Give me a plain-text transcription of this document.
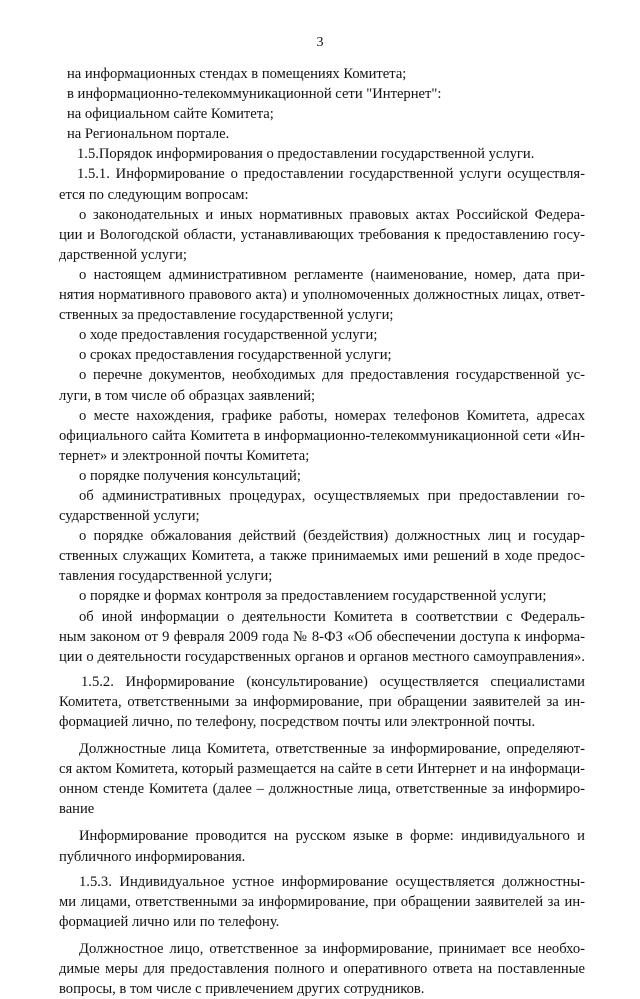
3
на информационных стендах в помещениях Комитета;
в информационно-телекоммуникационной сети "Интернет":
на официальном сайте Комитета;
на Региональном портале.
1.5.Порядок информирования о предоставлении государственной услуги.
1.5.1. Информирование о предоставлении государственной услуги осуществля-
ется по следующим вопросам:
о законодательных и иных нормативных правовых актах Российской Федера-
ции и Вологодской области, устанавливающих требования к предоставлению госу-
дарственной услуги;
о настоящем административном регламенте (наименование, номер, дата при-
нятия нормативного правового акта) и уполномоченных должностных лицах, ответ-
ственных за предоставление государственной услуги;
о ходе предоставления государственной услуги;
о сроках предоставления государственной услуги;
о перечне документов, необходимых для предоставления государственной ус-
луги, в том числе об образцах заявлений;
о месте нахождения, графике работы, номерах телефонов Комитета, адресах
официального сайта Комитета в информационно-телекоммуникационной сети «Ин-
тернет» и электронной почты Комитета;
о порядке получения консультаций;
об административных процедурах, осуществляемых при предоставлении го-
сударственной услуги;
о порядке обжалования действий (бездействия) должностных лиц и государ-
ственных служащих Комитета, а также принимаемых ими решений в ходе предос-
тавления государственной услуги;
о порядке и формах контроля за предоставлением государственной услуги;
об иной информации о деятельности Комитета в соответствии с Федераль-
ным законом от 9 февраля 2009 года № 8-ФЗ «Об обеспечении доступа к информа-
ции о деятельности государственных органов и органов местного самоуправления».
1.5.2. Информирование (консультирование) осуществляется специалистами
Комитета, ответственными за информирование, при обращении заявителей за ин-
формацией лично, по телефону, посредством почты или электронной почты.
Должностные лица Комитета, ответственные за информирование, определяют-
ся актом Комитета, который размещается на сайте в сети Интернет и на информаци-
онном стенде Комитета (далее – должностные лица, ответственные за информиро-
вание
Информирование проводится на русском языке в форме: индивидуального и
публичного информирования.
1.5.3. Индивидуальное устное информирование осуществляется должностны-
ми лицами, ответственными за информирование, при обращении заявителей за ин-
формацией лично или по телефону.
Должностное лицо, ответственное за информирование, принимает все необхо-
димые меры для предоставления полного и оперативного ответа на поставленные
вопросы, в том числе с привлечением других сотрудников.
